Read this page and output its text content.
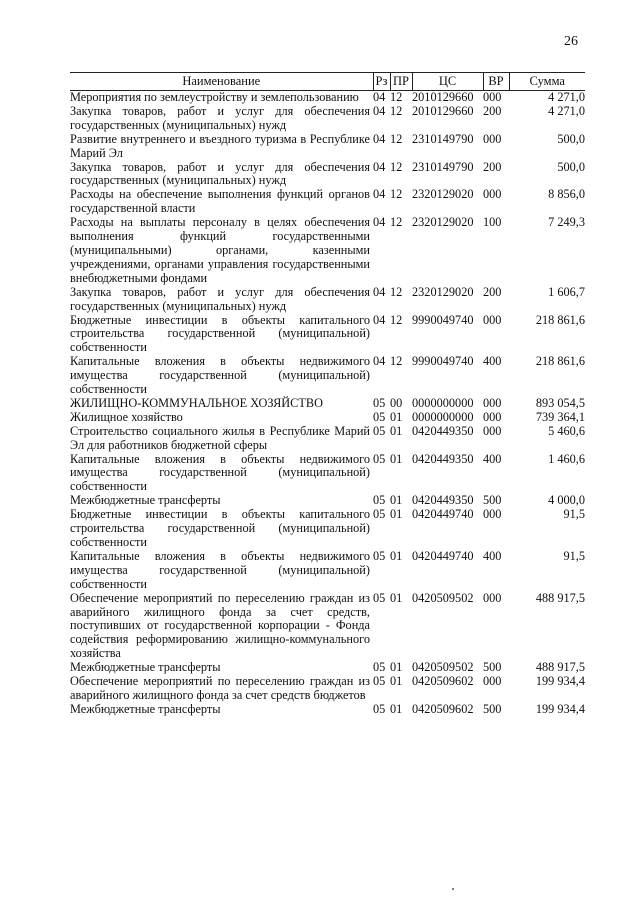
26
Наименование	Рз	ПР	ЦС	ВР	Сумма
Мероприятия по землеустройству и землепользованию	04	12	2010129660	000	4 271,0
Закупка товаров, работ и услуг для обеспечения государственных (муниципальных) нужд	04	12	2010129660	200	4 271,0
Развитие внутреннего и въездного туризма в Республике Марий Эл	04	12	2310149790	000	500,0
Закупка товаров, работ и услуг для обеспечения государственных (муниципальных) нужд	04	12	2310149790	200	500,0
Расходы на обеспечение выполнения функций органов государственной власти	04	12	2320129020	000	8 856,0
Расходы на выплаты персоналу в целях обеспечения выполнения функций государственными (муниципальными) органами, казенными учреждениями, органами управления государственными внебюджетными фондами	04	12	2320129020	100	7 249,3
Закупка товаров, работ и услуг для обеспечения государственных (муниципальных) нужд	04	12	2320129020	200	1 606,7
Бюджетные инвестиции в объекты капитального строительства государственной (муниципальной) собственности	04	12	9990049740	000	218 861,6
Капитальные вложения в объекты недвижимого имущества государственной (муниципальной) собственности	04	12	9990049740	400	218 861,6
ЖИЛИЩНО-КОММУНАЛЬНОЕ ХОЗЯЙСТВО	05	00	0000000000	000	893 054,5
Жилищное хозяйство	05	01	0000000000	000	739 364,1
Строительство социального жилья в Республике Марий Эл для работников бюджетной сферы	05	01	0420449350	000	5 460,6
Капитальные вложения в объекты недвижимого имущества государственной (муниципальной) собственности	05	01	0420449350	400	1 460,6
Межбюджетные трансферты	05	01	0420449350	500	4 000,0
Бюджетные инвестиции в объекты капитального строительства государственной (муниципальной) собственности	05	01	0420449740	000	91,5
Капитальные вложения в объекты недвижимого имущества государственной (муниципальной) собственности	05	01	0420449740	400	91,5
Обеспечение мероприятий по переселению граждан из аварийного жилищного фонда за счет средств, поступивших от государственной корпорации - Фонда содействия реформированию жилищно-коммунального хозяйства	05	01	0420509502	000	488 917,5
Межбюджетные трансферты	05	01	0420509502	500	488 917,5
Обеспечение мероприятий по переселению граждан из аварийного жилищного фонда за счет средств бюджетов	05	01	0420509602	000	199 934,4
Межбюджетные трансферты	05	01	0420509602	500	199 934,4
